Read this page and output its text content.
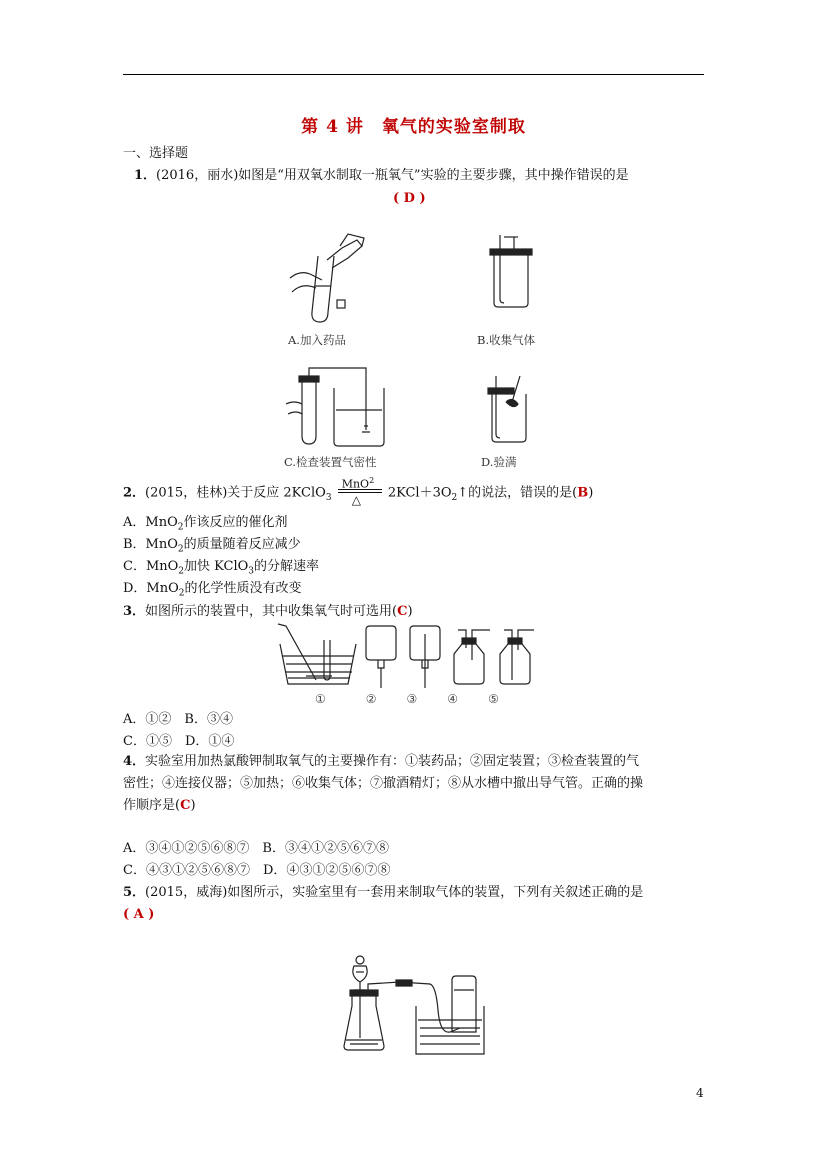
第 4 讲　氧气的实验室制取
一、选择题
1．(2016，丽水)如图是“用双氧水制取一瓶氧气”实验的主要步骤，其中操作错误的是
( D )
A.加入药品	B.收集气体
C.检查装置气密性	D.验满
2．(2015，桂林)关于反应 2KClO$_3$
MnO$^2$
△ $2KCl+3O_2↑$的说法，错误的是(B)
A．MnO$_2$作该反应的催化剂
B．MnO$_2$的质量随着反应减少
C．MnO$_2$加快 KClO$_3$的分解速率
D．MnO$_2$的化学性质没有改变
3．如图所示的装置中，其中收集氧气时可选用(C)
①	②	③	④	⑤
A．①②　 B．③④
C．①⑤　 D．①④
4．实验室用加热氯酸钾制取氧气的主要操作有：①装药品；②固定装置；③检查装置的气
密性；④连接仪器；⑤加热；⑥收集气体；⑦撤酒精灯；⑧从水槽中撤出导气管。正确的操
作顺序是(C)
A．③④①②⑤⑥⑧⑦　 B．③④①②⑤⑥⑦⑧
C．④③①②⑤⑥⑧⑦　 D．④③①②⑤⑥⑦⑧
5．(2015，威海)如图所示，实验室里有一套用来制取气体的装置，下列有关叙述正确的是
( A )
4
